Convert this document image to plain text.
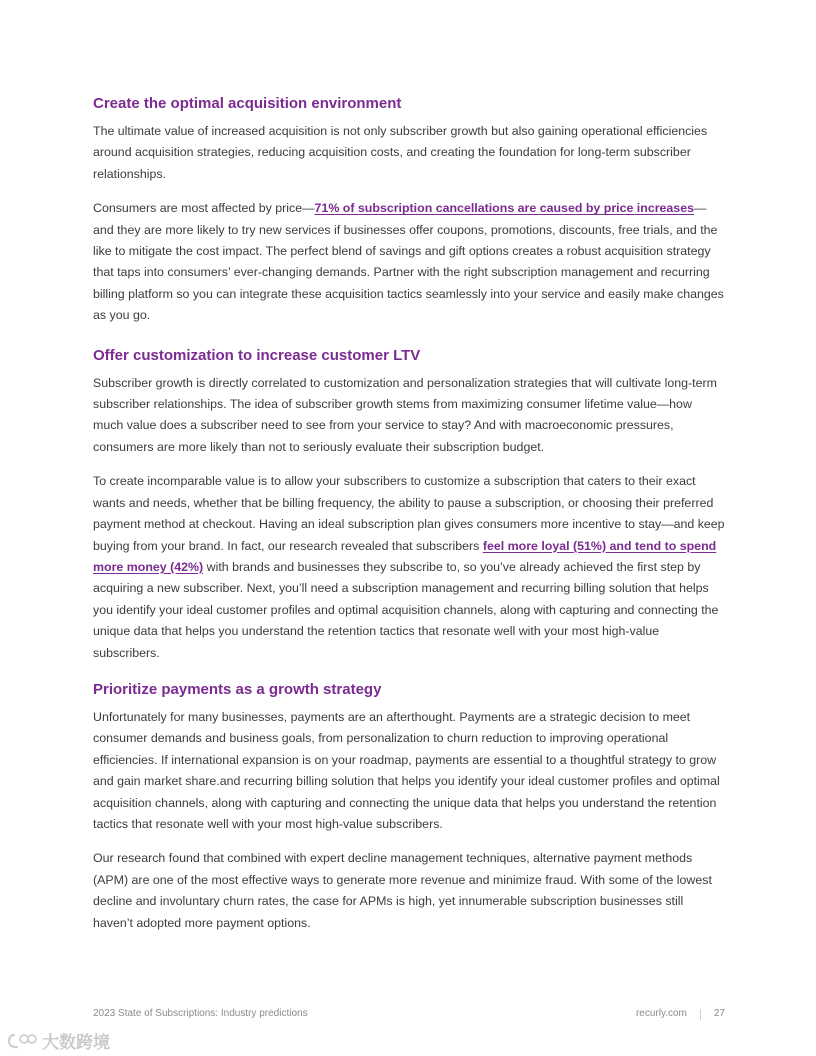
Create the optimal acquisition environment

The ultimate value of increased acquisition is not only subscriber growth but also gaining operational efficiencies around acquisition strategies, reducing acquisition costs, and creating the foundation for long-term subscriber relationships.

Consumers are most affected by price—71% of subscription cancellations are caused by price increases—and they are more likely to try new services if businesses offer coupons, promotions, discounts, free trials, and the like to mitigate the cost impact. The perfect blend of savings and gift options creates a robust acquisition strategy that taps into consumers’ ever-changing demands. Partner with the right subscription management and recurring billing platform so you can integrate these acquisition tactics seamlessly into your service and easily make changes as you go.

Offer customization to increase customer LTV

Subscriber growth is directly correlated to customization and personalization strategies that will cultivate long-term subscriber relationships. The idea of subscriber growth stems from maximizing consumer lifetime value—how much value does a subscriber need to see from your service to stay? And with macroeconomic pressures, consumers are more likely than not to seriously evaluate their subscription budget.

To create incomparable value is to allow your subscribers to customize a subscription that caters to their exact wants and needs, whether that be billing frequency, the ability to pause a subscription, or choosing their preferred payment method at checkout. Having an ideal subscription plan gives consumers more incentive to stay—and keep buying from your brand. In fact, our research revealed that subscribers feel more loyal (51%) and tend to spend more money (42%) with brands and businesses they subscribe to, so you’ve already achieved the first step by acquiring a new subscriber. Next, you’ll need a subscription management and recurring billing solution that helps you identify your ideal customer profiles and optimal acquisition channels, along with capturing and connecting the unique data that helps you understand the retention tactics that resonate well with your most high-value subscribers.

Prioritize payments as a growth strategy

Unfortunately for many businesses, payments are an afterthought. Payments are a strategic decision to meet consumer demands and business goals, from personalization to churn reduction to improving operational efficiencies. If international expansion is on your roadmap, payments are essential to a thoughtful strategy to grow and gain market share.and recurring billing solution that helps you identify your ideal customer profiles and optimal acquisition channels, along with capturing and connecting the unique data that helps you understand the retention tactics that resonate well with your most high-value subscribers.

Our research found that combined with expert decline management techniques, alternative payment methods (APM) are one of the most effective ways to generate more revenue and minimize fraud. With some of the lowest decline and involuntary churn rates, the case for APMs is high, yet innumerable subscription businesses still haven’t adopted more payment options.

2023 State of Subscriptions: Industry predictions	recurly.com	27
大数跨境
